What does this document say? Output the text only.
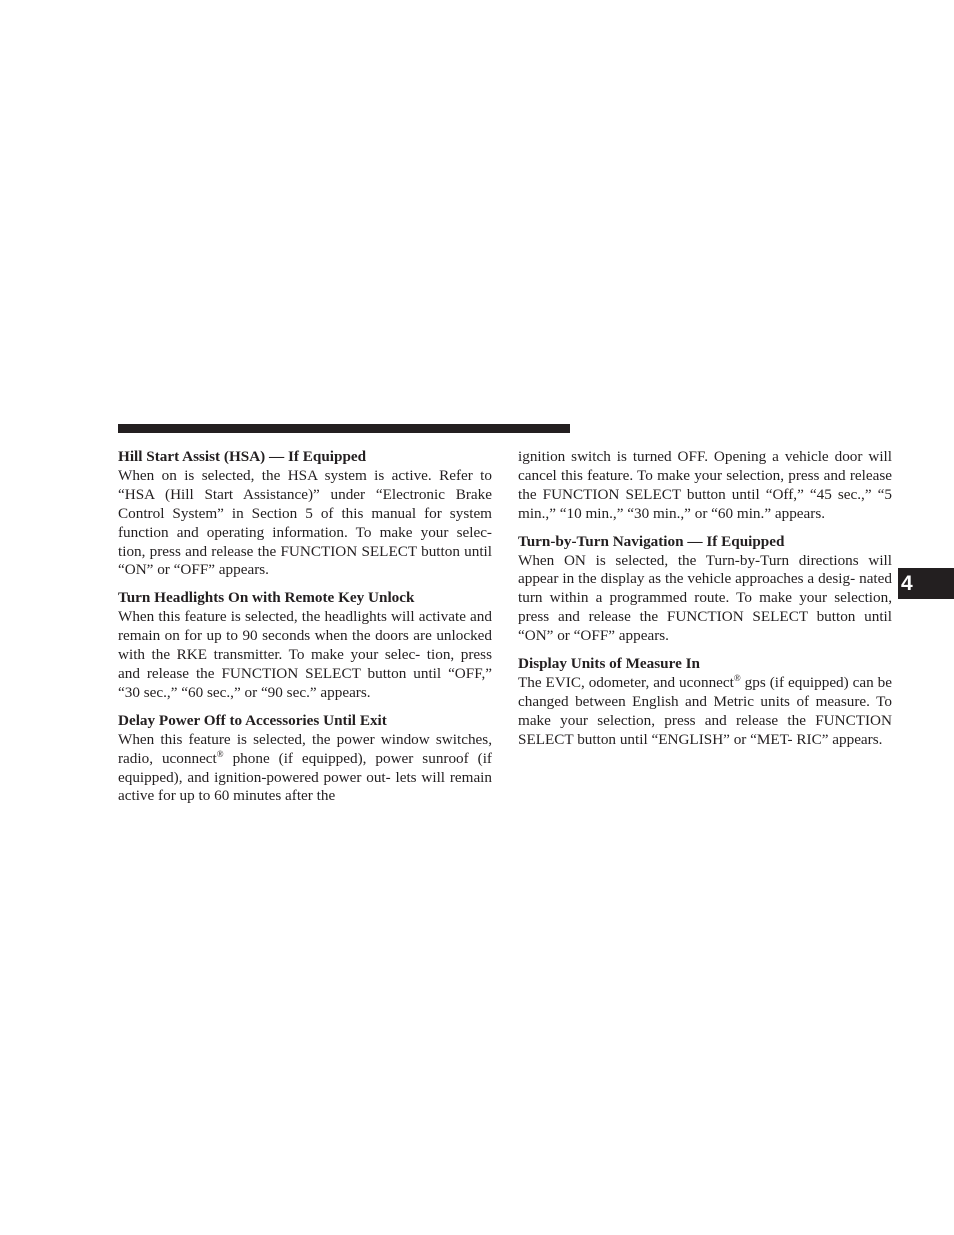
Hill Start Assist (HSA) — If Equipped

When on is selected, the HSA system is active. Refer to “HSA (Hill Start Assistance)” under “Electronic Brake Control System” in Section 5 of this manual for system function and operating information. To make your selec- tion, press and release the FUNCTION SELECT button until “ON” or “OFF” appears.

Turn Headlights On with Remote Key Unlock

When this feature is selected, the headlights will activate and remain on for up to 90 seconds when the doors are unlocked with the RKE transmitter. To make your selec- tion, press and release the FUNCTION SELECT button until “OFF,” “30 sec.,” “60 sec.,” or “90 sec.” appears.

Delay Power Off to Accessories Until Exit

When this feature is selected, the power window switches, radio, uconnect® phone (if equipped), power sunroof (if equipped), and ignition-powered power out- lets will remain active for up to 60 minutes after the

ignition switch is turned OFF. Opening a vehicle door will cancel this feature. To make your selection, press and release the FUNCTION SELECT button until “Off,” “45 sec.,” “5 min.,” “10 min.,” “30 min.,” or “60 min.” appears.

Turn-by-Turn Navigation — If Equipped

When ON is selected, the Turn-by-Turn directions will appear in the display as the vehicle approaches a desig- nated turn within a programmed route. To make your selection, press and release the FUNCTION SELECT button until “ON” or “OFF” appears.

Display Units of Measure In

The EVIC, odometer, and uconnect® gps (if equipped) can be changed between English and Metric units of measure. To make your selection, press and release the FUNCTION SELECT button until “ENGLISH” or “MET- RIC” appears.

4
